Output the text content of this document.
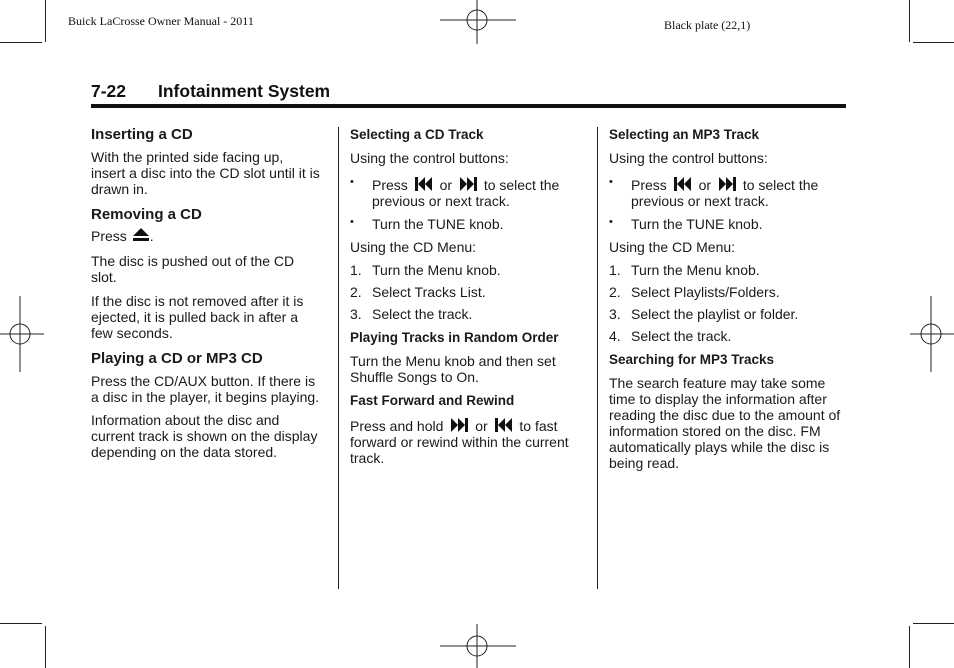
Buick LaCrosse Owner Manual - 2011	Black plate (22,1)
7-22 Infotainment System
Inserting a CD

With the printed side facing up, insert a disc into the CD slot until it is drawn in.

Removing a CD

Press .

The disc is pushed out of the CD slot.

If the disc is not removed after it is ejected, it is pulled back in after a few seconds.

Playing a CD or MP3 CD

Press the CD/AUX button. If there is a disc in the player, it begins playing.

Information about the disc and current track is shown on the display depending on the data stored.

Selecting a CD Track

Using the control buttons:

• Press or to select the previous or next track.
• Turn the TUNE knob.

Using the CD Menu:

1. Turn the Menu knob.
2. Select Tracks List.
3. Select the track.
Playing Tracks in Random Order

Turn the Menu knob and then set Shuffle Songs to On.

Fast Forward and Rewind

Press and hold or to fast forward or rewind within the current track.

Selecting an MP3 Track

Using the control buttons:

• Press or to select the previous or next track.
• Turn the TUNE knob.

Using the CD Menu:

1. Turn the Menu knob.
2. Select Playlists/Folders.
3. Select the playlist or folder.
4. Select the track.
Searching for MP3 Tracks

The search feature may take some time to display the information after reading the disc due to the amount of information stored on the disc. FM automatically plays while the disc is being read.
